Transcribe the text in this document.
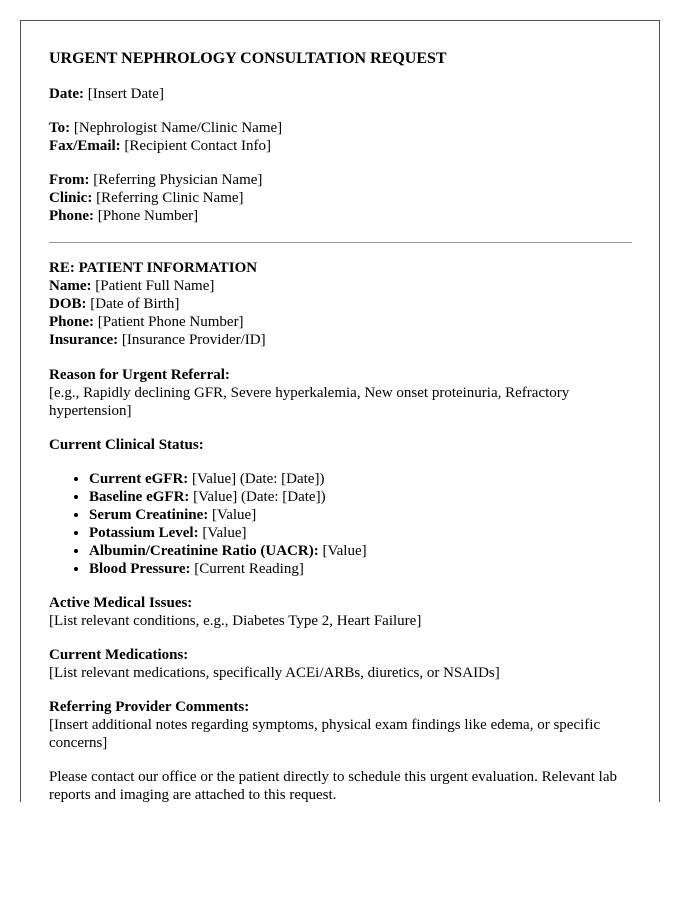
URGENT NEPHROLOGY CONSULTATION REQUEST

Date: [Insert Date]

To: [Nephrologist Name/Clinic Name]

Fax/Email: [Recipient Contact Info]

From: [Referring Physician Name]

Clinic: [Referring Clinic Name]

Phone: [Phone Number]

RE: PATIENT INFORMATION

Name: [Patient Full Name]

DOB: [Date of Birth]

Phone: [Patient Phone Number]

Insurance: [Insurance Provider/ID]

Reason for Urgent Referral:

[e.g., Rapidly declining GFR, Severe hyperkalemia, New onset proteinuria, Refractory hypertension]

Current Clinical Status:

• Current eGFR: [Value] (Date: [Date])
• Baseline eGFR: [Value] (Date: [Date])
• Serum Creatinine: [Value]
• Potassium Level: [Value]
• Albumin/Creatinine Ratio (UACR): [Value]
• Blood Pressure: [Current Reading]

Active Medical Issues:

[List relevant conditions, e.g., Diabetes Type 2, Heart Failure]

Current Medications:

[List relevant medications, specifically ACEi/ARBs, diuretics, or NSAIDs]

Referring Provider Comments:

[Insert additional notes regarding symptoms, physical exam findings like edema, or specific concerns]

Please contact our office or the patient directly to schedule this urgent evaluation. Relevant lab reports and imaging are attached to this request.
